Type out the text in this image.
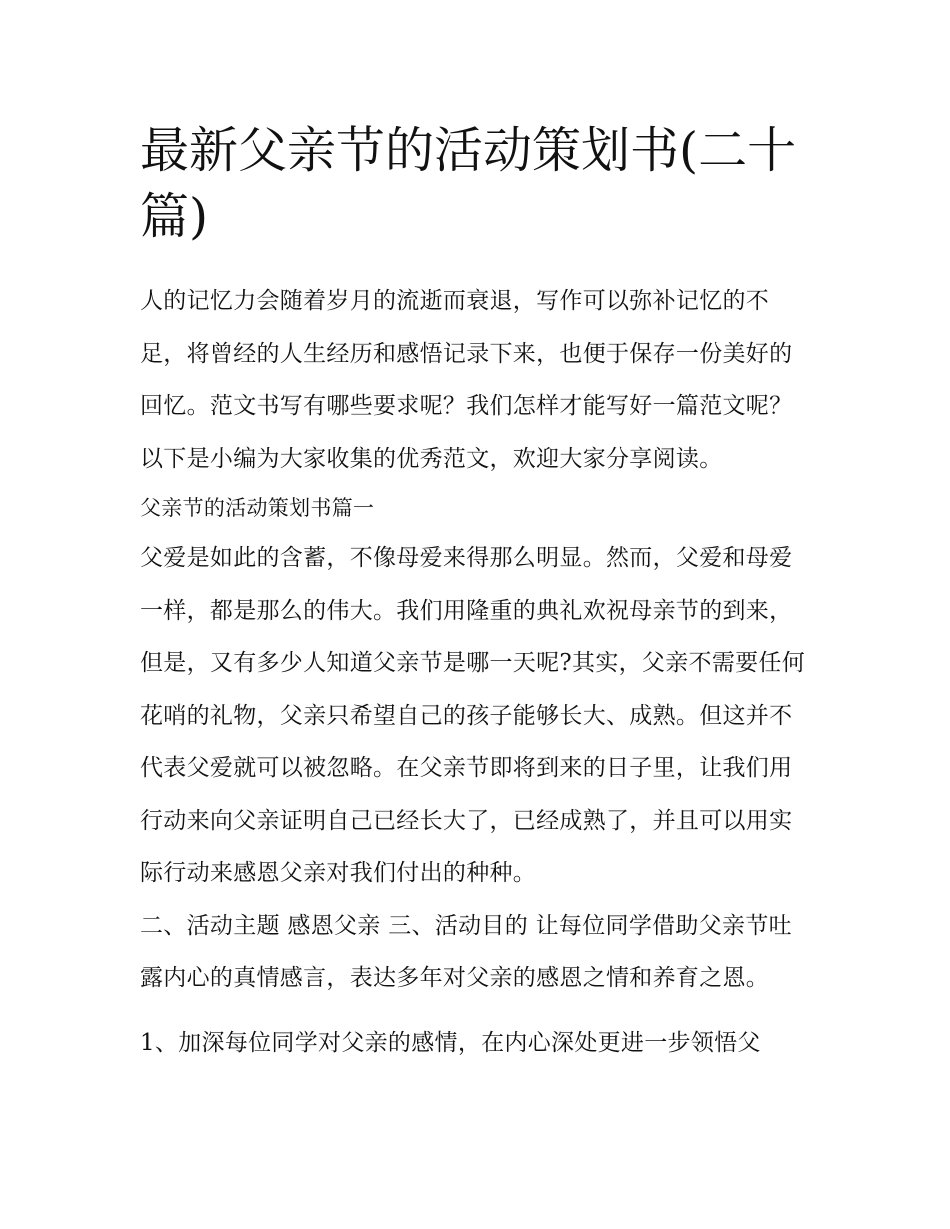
最新父亲节的活动策划书(二十篇)

人的记忆力会随着岁月的流逝而衰退，写作可以弥补记忆的不足，将曾经的人生经历和感悟记录下来，也便于保存一份美好的回忆。范文书写有哪些要求呢？我们怎样才能写好一篇范文呢？以下是小编为大家收集的优秀范文，欢迎大家分享阅读。

父亲节的活动策划书篇一

父爱是如此的含蓄，不像母爱来得那么明显。然而，父爱和母爱一样，都是那么的伟大。我们用隆重的典礼欢祝母亲节的到来，但是，又有多少人知道父亲节是哪一天呢?其实，父亲不需要任何花哨的礼物，父亲只希望自己的孩子能够长大、成熟。但这并不代表父爱就可以被忽略。在父亲节即将到来的日子里，让我们用行动来向父亲证明自己已经长大了，已经成熟了，并且可以用实际行动来感恩父亲对我们付出的种种。

二、活动主题 感恩父亲 三、活动目的 让每位同学借助父亲节吐露内心的真情感言，表达多年对父亲的感恩之情和养育之恩。

1、加深每位同学对父亲的感情，在内心深处更进一步领悟父
